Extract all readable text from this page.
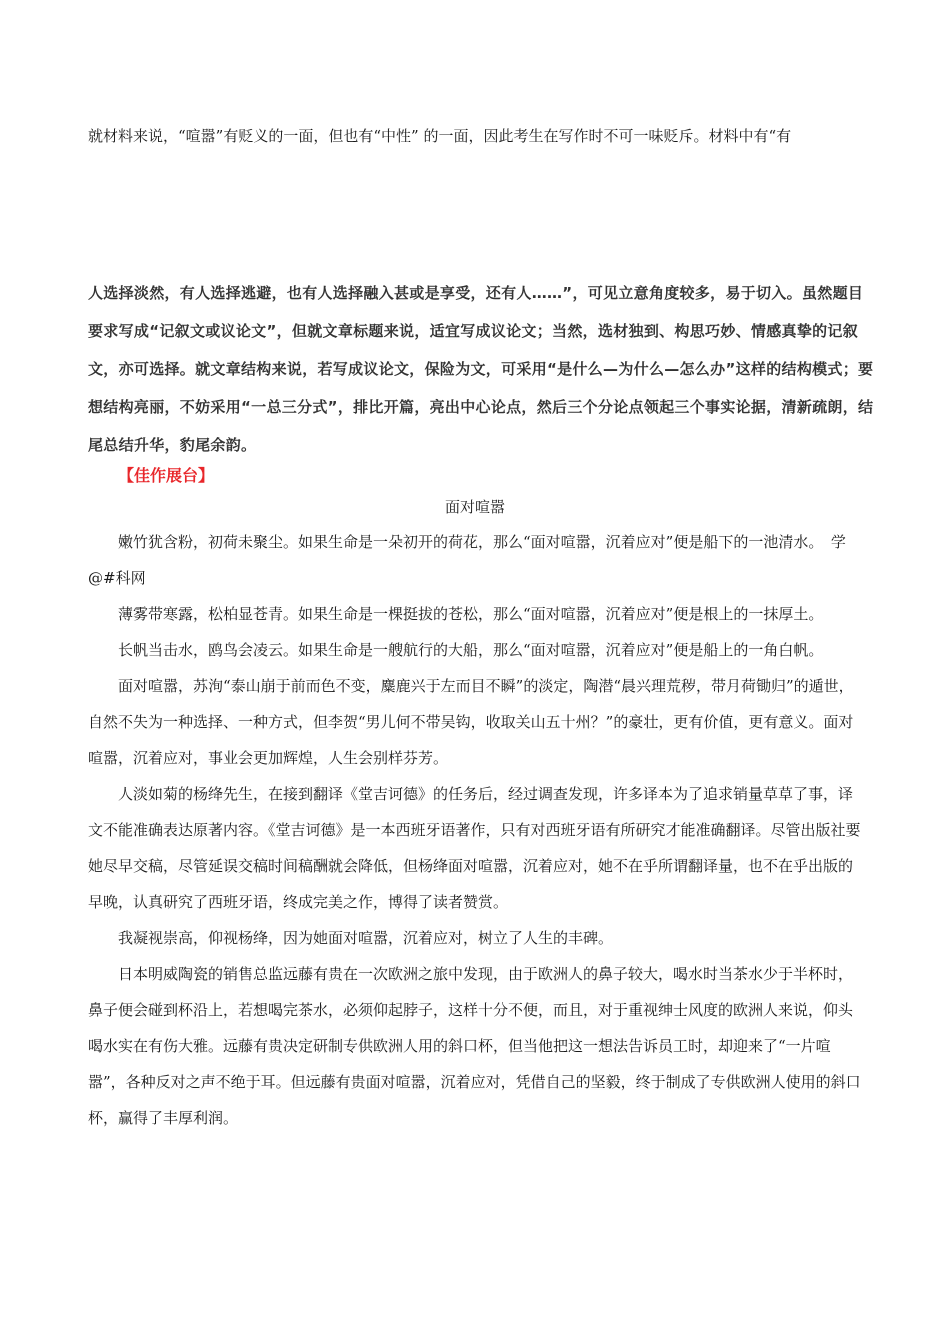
就材料来说，“喧嚣”有贬义的一面，但也有“中性” 的一面，因此考生在写作时不可一味贬斥。材料中有“有
人选择淡然，有人选择逃避，也有人选择融入甚或是享受，还有人……”，可见立意角度较多，易于切入。虽然题目要求写成“记叙文或议论文”，但就文章标题来说，适宜写成议论文；当然，选材独到、构思巧妙、情感真挚的记叙文，亦可选择。就文章结构来说，若写成议论文，保险为文，可采用“是什么—为什么—怎么办”这样的结构模式；要想结构亮丽，不妨采用“一总三分式”，排比开篇，亮出中心论点，然后三个分论点领起三个事实论据，清新疏朗，结尾总结升华，豹尾余韵。
【佳作展台】
面对喧嚣

嫩竹犹含粉，初荷未聚尘。如果生命是一朵初开的荷花，那么“面对喧嚣，沉着应对”便是船下的一池清水。　学@#科网

薄雾带寒露，松柏显苍青。如果生命是一棵挺拔的苍松，那么“面对喧嚣，沉着应对”便是根上的一抹厚土。

长帆当击水，鸥鸟会凌云。如果生命是一艘航行的大船，那么“面对喧嚣，沉着应对”便是船上的一角白帆。

面对喧嚣，苏洵“泰山崩于前而色不变，麋鹿兴于左而目不瞬”的淡定，陶潜“晨兴理荒秽，带月荷锄归”的遁世，自然不失为一种选择、一种方式，但李贺“男儿何不带吴钩，收取关山五十州？”的豪壮，更有价值，更有意义。面对喧嚣，沉着应对，事业会更加辉煌，人生会别样芬芳。

人淡如菊的杨绛先生，在接到翻译《堂吉诃德》的任务后，经过调查发现，许多译本为了追求销量草草了事，译文不能准确表达原著内容。《堂吉诃德》是一本西班牙语著作，只有对西班牙语有所研究才能准确翻译。尽管出版社要她尽早交稿，尽管延误交稿时间稿酬就会降低，但杨绛面对喧嚣，沉着应对，她不在乎所谓翻译量，也不在乎出版的早晚，认真研究了西班牙语，终成完美之作，博得了读者赞赏。

我凝视崇高，仰视杨绛，因为她面对喧嚣，沉着应对，树立了人生的丰碑。

日本明威陶瓷的销售总监远藤有贵在一次欧洲之旅中发现，由于欧洲人的鼻子较大，喝水时当茶水少于半杯时，鼻子便会碰到杯沿上，若想喝完茶水，必须仰起脖子，这样十分不便，而且，对于重视绅士风度的欧洲人来说，仰头喝水实在有伤大雅。远藤有贵决定研制专供欧洲人用的斜口杯，但当他把这一想法告诉员工时，却迎来了“一片喧嚣”，各种反对之声不绝于耳。但远藤有贵面对喧嚣，沉着应对，凭借自己的坚毅，终于制成了专供欧洲人使用的斜口杯，赢得了丰厚利润。
